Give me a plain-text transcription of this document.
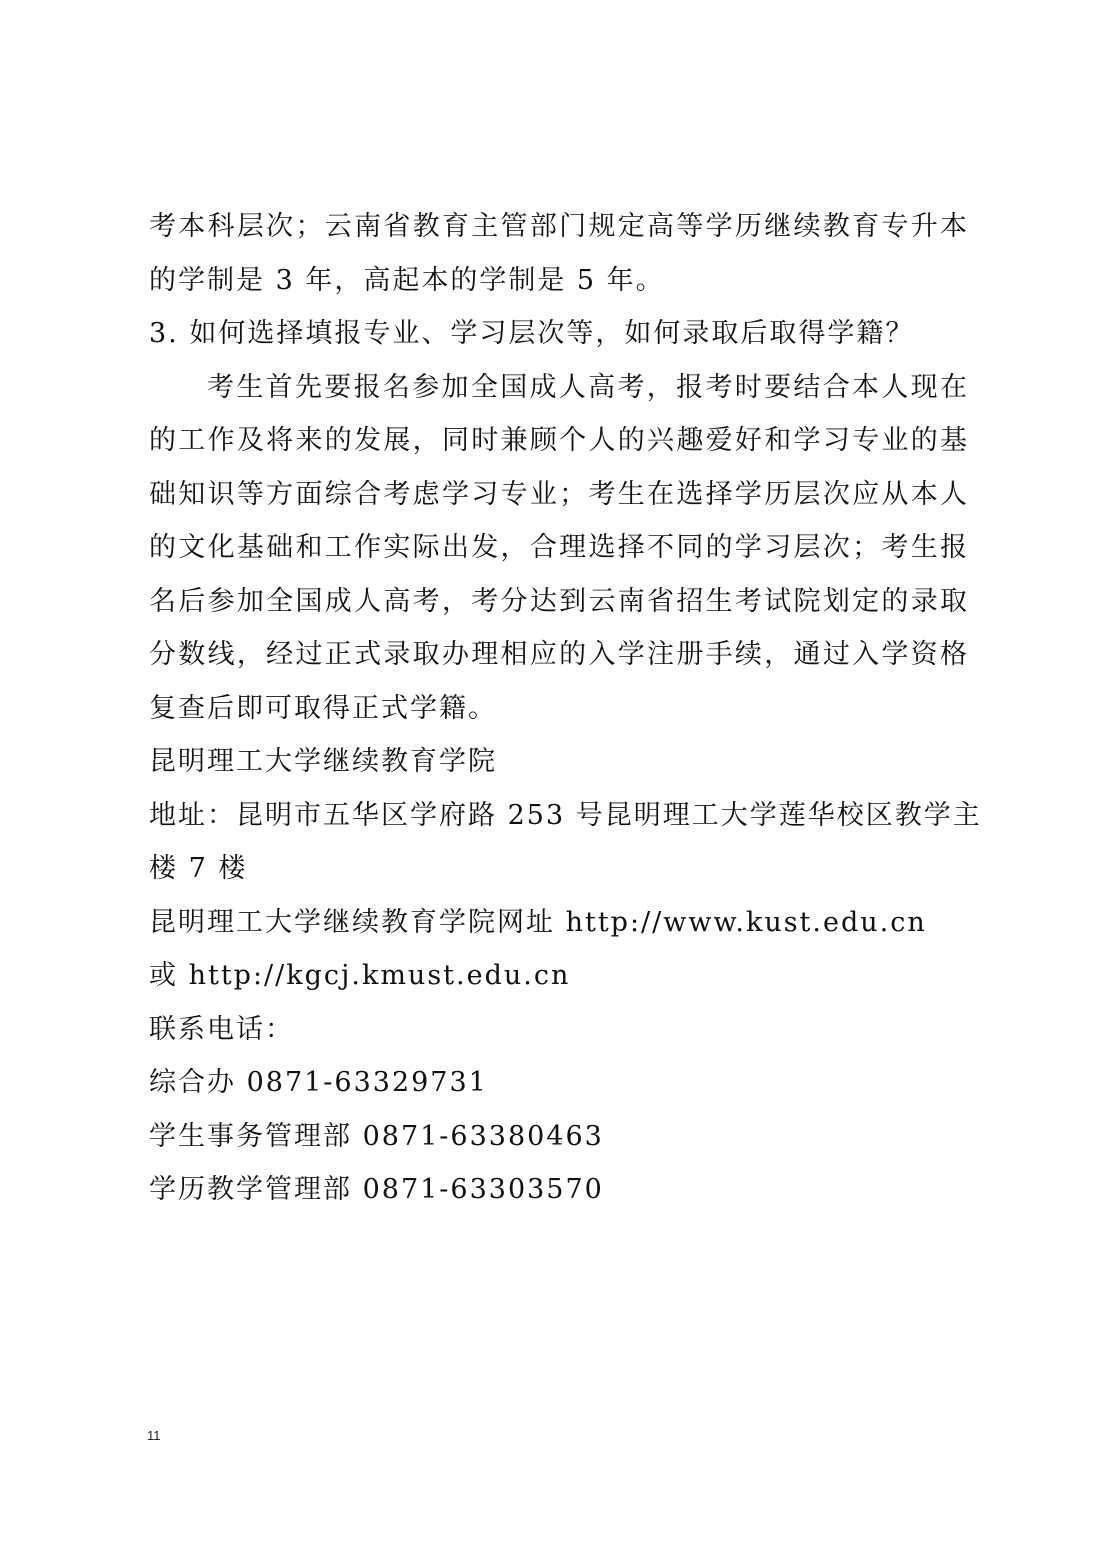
考本科层次；云南省教育主管部门规定高等学历继续教育专升本
的学制是 3 年，高起本的学制是 5 年。
3. 如何选择填报专业、学习层次等，如何录取后取得学籍？
考生首先要报名参加全国成人高考，报考时要结合本人现在
的工作及将来的发展，同时兼顾个人的兴趣爱好和学习专业的基
础知识等方面综合考虑学习专业；考生在选择学历层次应从本人
的文化基础和工作实际出发，合理选择不同的学习层次；考生报
名后参加全国成人高考，考分达到云南省招生考试院划定的录取
分数线，经过正式录取办理相应的入学注册手续，通过入学资格
复查后即可取得正式学籍。
昆明理工大学继续教育学院
地址：昆明市五华区学府路 253 号昆明理工大学莲华校区教学主
楼 7 楼
昆明理工大学继续教育学院网址 http://www.kust.edu.cn
或 http://kgcj.kmust.edu.cn
联系电话：
综合办 0871-63329731
学生事务管理部 0871-63380463
学历教学管理部 0871-63303570
11
